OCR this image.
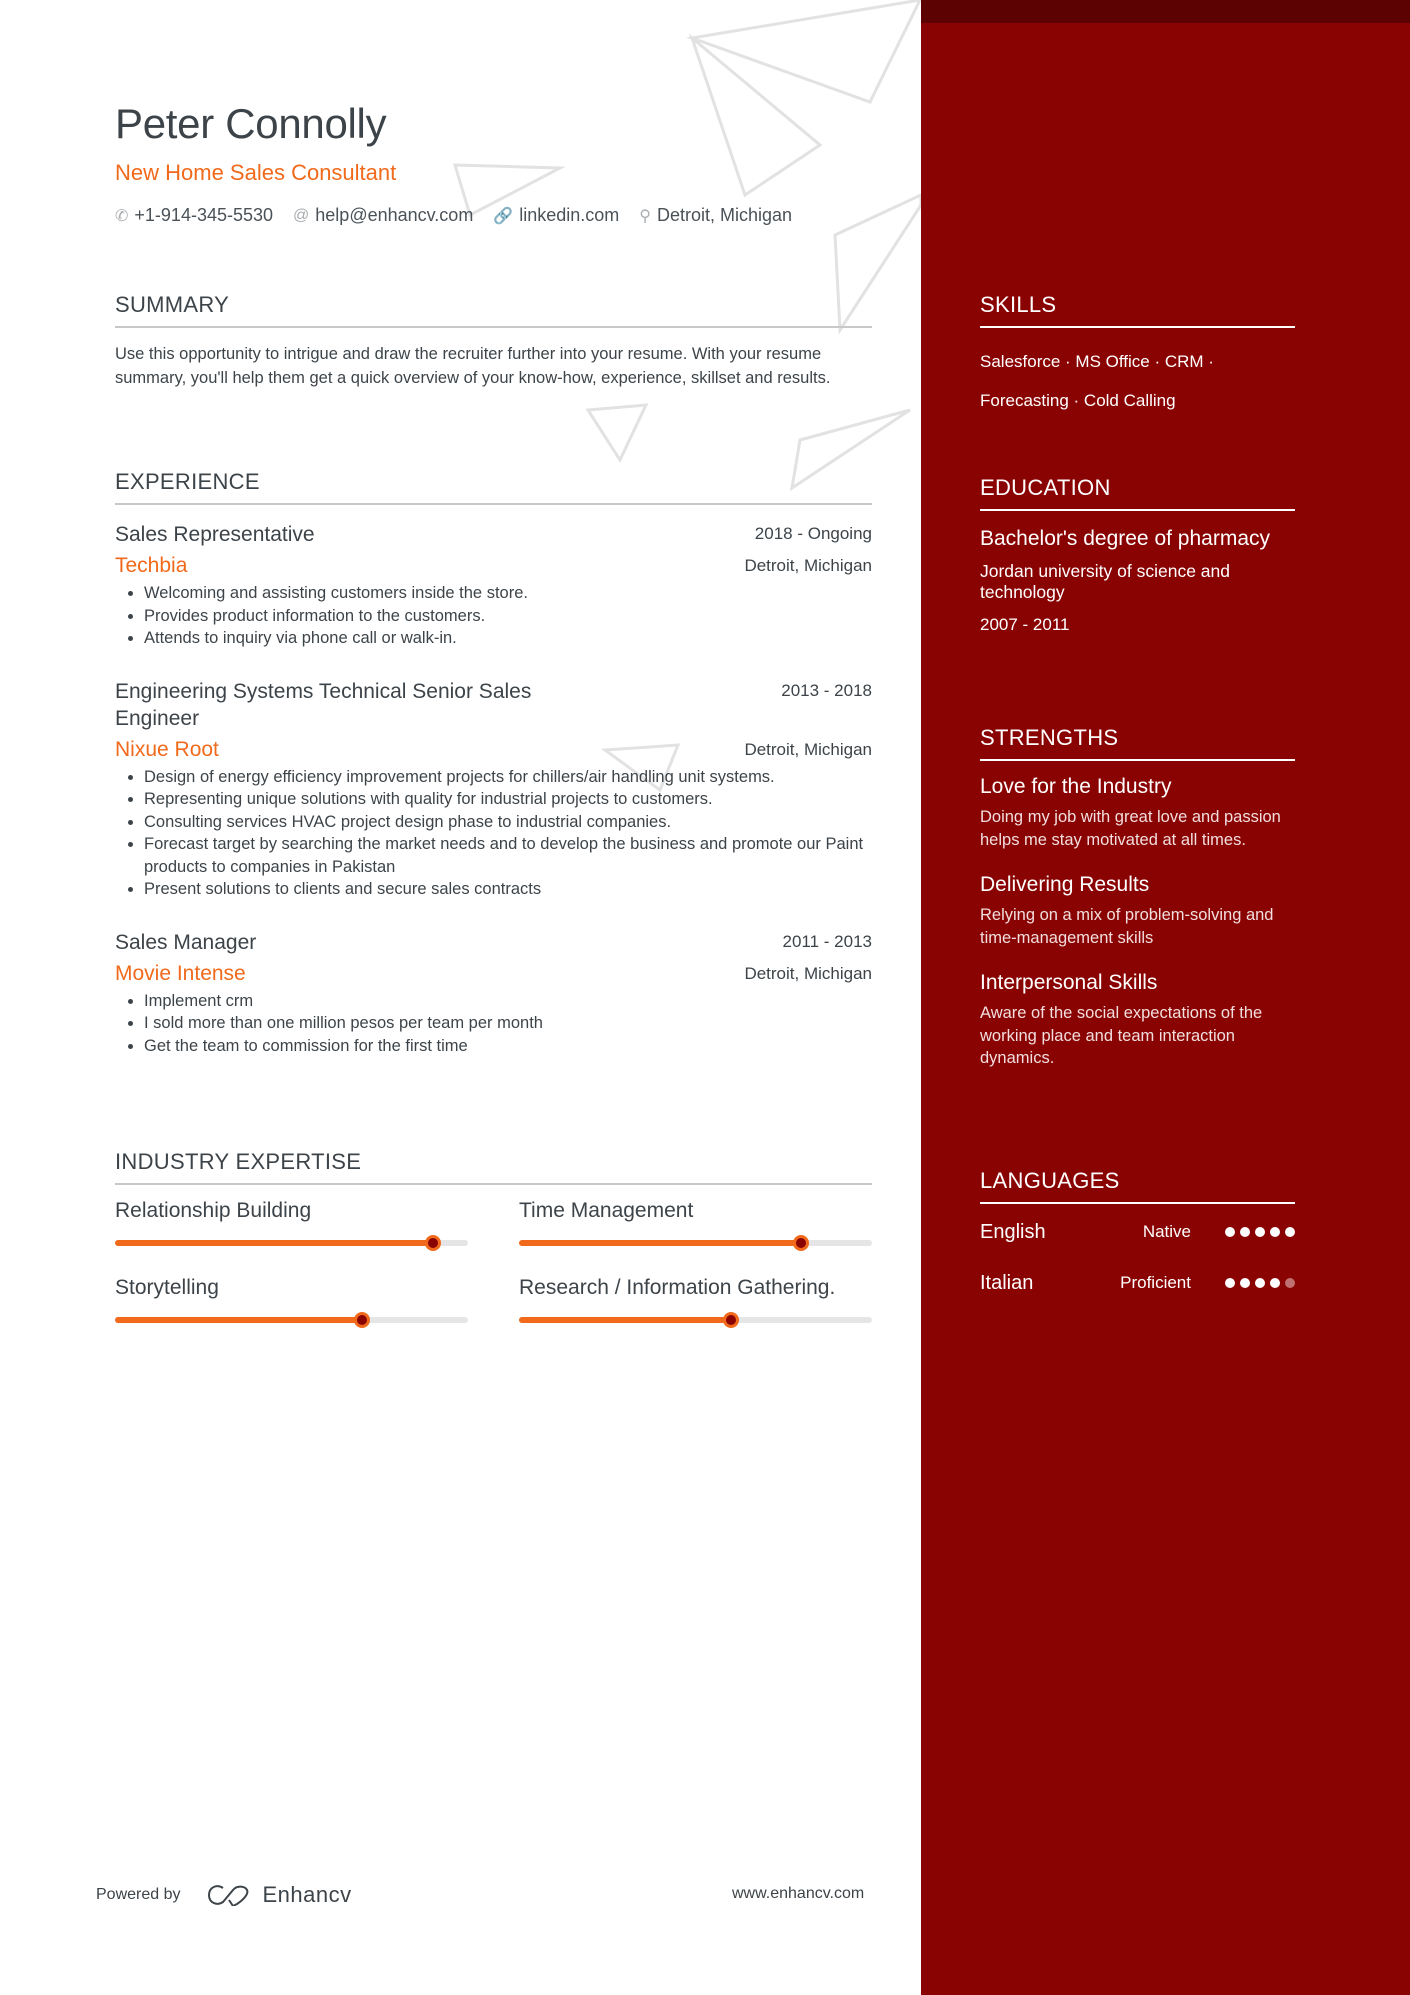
Peter Connolly
New Home Sales Consultant
✆ +1-914-345-5530 @ help@enhancv.com 🔗 linkedin.com ⚲ Detroit, Michigan
SUMMARY

Use this opportunity to intrigue and draw the recruiter further into your resume. With your resume summary, you'll help them get a quick overview of your know-how, experience, skillset and results.

EXPERIENCE
Sales Representative	2018 - Ongoing
Techbia	Detroit, Michigan
• Welcoming and assisting customers inside the store.
• Provides product information to the customers.
• Attends to inquiry via phone call or walk-in.
Engineering Systems Technical Senior Sales Engineer
2013 - 2018
Nixue Root	Detroit, Michigan
• Design of energy efficiency improvement projects for chillers/air handling unit systems.
• Representing unique solutions with quality for industrial projects to customers.
• Consulting services HVAC project design phase to industrial companies.
• Forecast target by searching the market needs and to develop the business and promote our Paint products to companies in Pakistan
• Present solutions to clients and secure sales contracts
Sales Manager	2011 - 2013
Movie Intense	Detroit, Michigan
• Implement crm
• I sold more than one million pesos per team per month
• Get the team to commission for the first time
INDUSTRY EXPERTISE
Relationship Building	Time Management
Storytelling	Research / Information Gathering.
SKILLS
Salesforce · MS Office · CRM ·
Forecasting · Cold Calling
EDUCATION
Bachelor's degree of pharmacy
Jordan university of science and technology
2007 - 2011
STRENGTHS
Love for the Industry
Doing my job with great love and passion helps me stay motivated at all times.
Delivering Results
Relying on a mix of problem-solving and time-management skills
Interpersonal Skills
Aware of the social expectations of the working place and team interaction dynamics.
LANGUAGES
English	Native
Italian	Proficient
Powered by	Enhancv	www.enhancv.com
